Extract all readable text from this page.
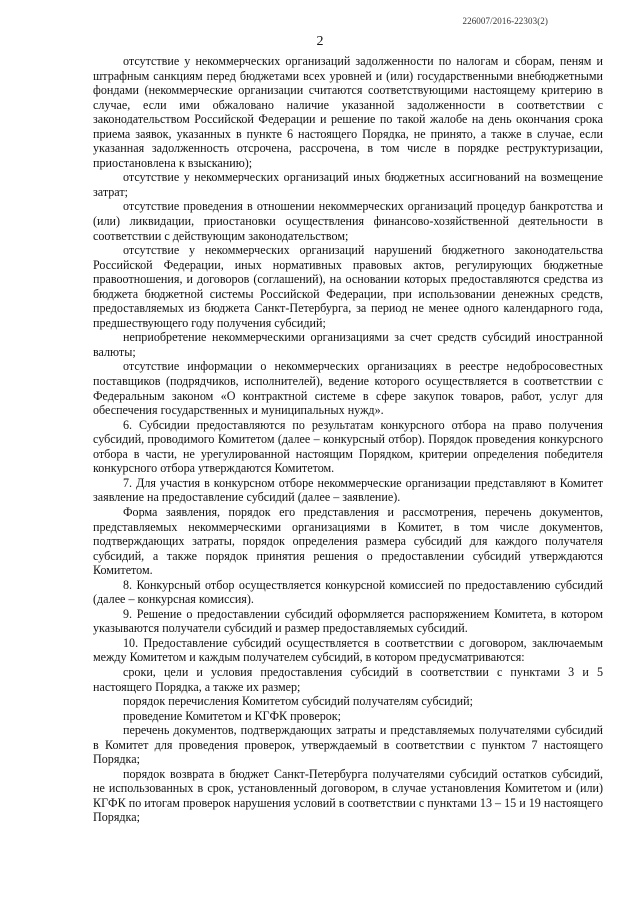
226007/2016-22303(2)
2

отсутствие у некоммерческих организаций задолженности по налогам и сборам, пеням и штрафным санкциям перед бюджетами всех уровней и (или) государственными внебюджетными фондами (некоммерческие организации считаются соответствующими настоящему критерию в случае, если ими обжаловано наличие указанной задолженности в соответствии с законодательством Российской Федерации и решение по такой жалобе на день окончания срока приема заявок, указанных в пункте 6 настоящего Порядка, не принято, а также в случае, если указанная задолженность отсрочена, рассрочена, в том числе в порядке реструктуризации, приостановлена к взысканию);

отсутствие у некоммерческих организаций иных бюджетных ассигнований на возмещение затрат;

отсутствие проведения в отношении некоммерческих организаций процедур банкротства и (или) ликвидации, приостановки осуществления финансово-хозяйственной деятельности в соответствии с действующим законодательством;

отсутствие у некоммерческих организаций нарушений бюджетного законодательства Российской Федерации, иных нормативных правовых актов, регулирующих бюджетные правоотношения, и договоров (соглашений), на основании которых предоставляются средства из бюджета бюджетной системы Российской Федерации, при использовании денежных средств, предоставляемых из бюджета Санкт-Петербурга, за период не менее одного календарного года, предшествующего году получения субсидий;

неприобретение некоммерческими организациями за счет средств субсидий иностранной валюты;

отсутствие информации о некоммерческих организациях в реестре недобросовестных поставщиков (подрядчиков, исполнителей), ведение которого осуществляется в соответствии с Федеральным законом «О контрактной системе в сфере закупок товаров, работ, услуг для обеспечения государственных и муниципальных нужд».

6. Субсидии предоставляются по результатам конкурсного отбора на право получения субсидий, проводимого Комитетом (далее – конкурсный отбор). Порядок проведения конкурсного отбора в части, не урегулированной настоящим Порядком, критерии определения победителя конкурсного отбора утверждаются Комитетом.

7. Для участия в конкурсном отборе некоммерческие организации представляют в Комитет заявление на предоставление субсидий (далее – заявление).

Форма заявления, порядок его представления и рассмотрения, перечень документов, представляемых некоммерческими организациями в Комитет, в том числе документов, подтверждающих затраты, порядок определения размера субсидий для каждого получателя субсидий, а также порядок принятия решения о предоставлении субсидий утверждаются Комитетом.

8. Конкурсный отбор осуществляется конкурсной комиссией по предоставлению субсидий (далее – конкурсная комиссия).

9. Решение о предоставлении субсидий оформляется распоряжением Комитета, в котором указываются получатели субсидий и размер предоставляемых субсидий.

10. Предоставление субсидий осуществляется в соответствии с договором, заключаемым между Комитетом и каждым получателем субсидий, в котором предусматриваются:

сроки, цели и условия предоставления субсидий в соответствии с пунктами 3 и 5 настоящего Порядка, а также их размер;

порядок перечисления Комитетом субсидий получателям субсидий;

проведение Комитетом и КГФК проверок;

перечень документов, подтверждающих затраты и представляемых получателями субсидий в Комитет для проведения проверок, утверждаемый в соответствии с пунктом 7 настоящего Порядка;

порядок возврата в бюджет Санкт-Петербурга получателями субсидий остатков субсидий, не использованных в срок, установленный договором, в случае установления Комитетом и (или) КГФК по итогам проверок нарушения условий в соответствии с пунктами 13 – 15 и 19 настоящего Порядка;
